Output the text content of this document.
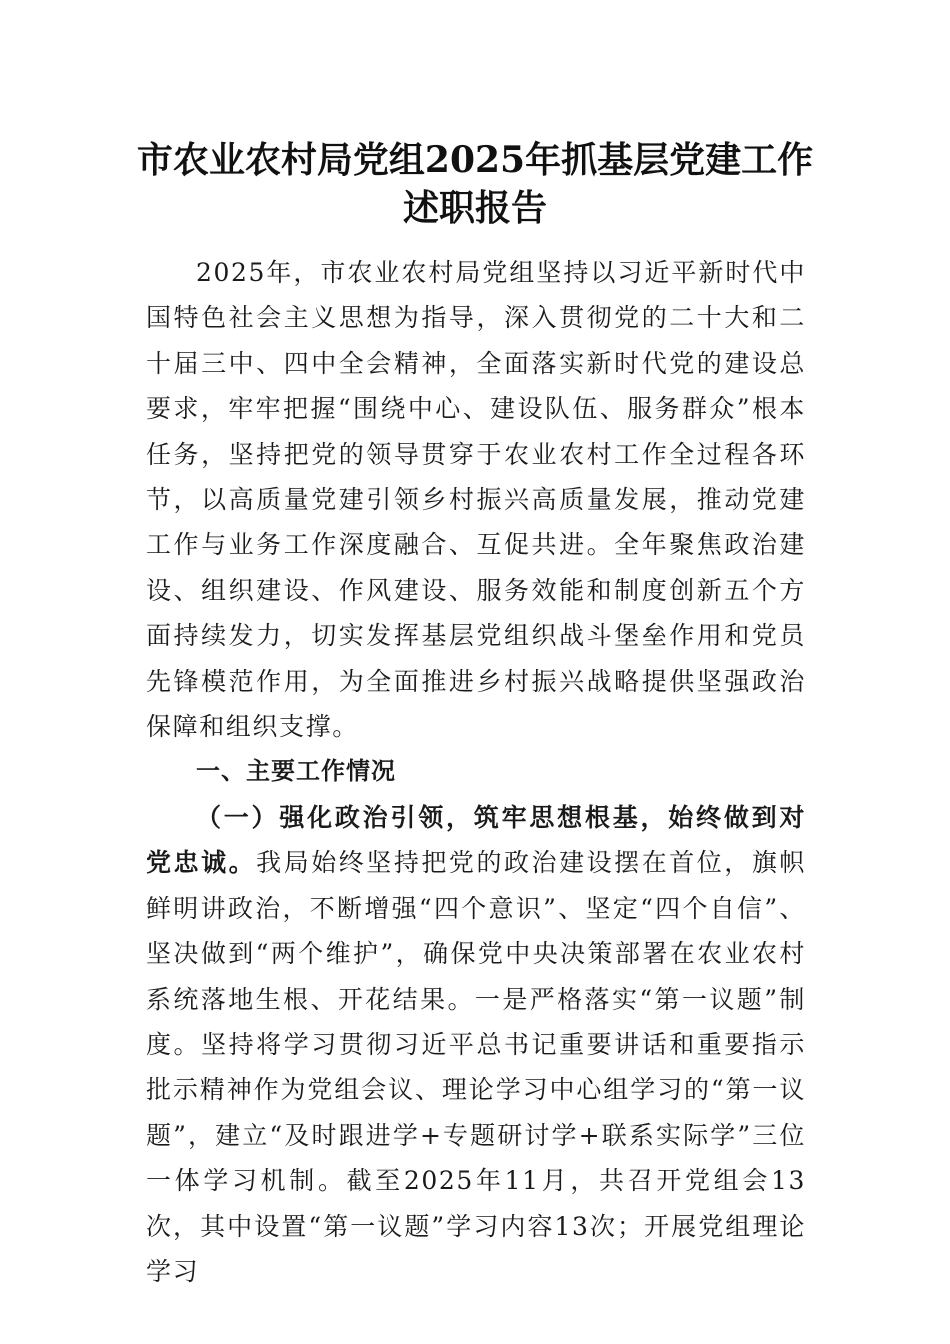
市农业农村局党组2025年抓基层党建工作
述职报告

2025年，市农业农村局党组坚持以习近平新时代中国特色社会主义思想为指导，深入贯彻党的二十大和二十届三中、四中全会精神，全面落实新时代党的建设总要求，牢牢把握“围绕中心、建设队伍、服务群众”根本任务，坚持把党的领导贯穿于农业农村工作全过程各环节，以高质量党建引领乡村振兴高质量发展，推动党建工作与业务工作深度融合、互促共进。全年聚焦政治建设、组织建设、作风建设、服务效能和制度创新五个方面持续发力，切实发挥基层党组织战斗堡垒作用和党员先锋模范作用，为全面推进乡村振兴战略提供坚强政治保障和组织支撑。

一、主要工作情况

（一）强化政治引领，筑牢思想根基，始终做到对党忠诚。我局始终坚持把党的政治建设摆在首位，旗帜鲜明讲政治，不断增强“四个意识”、坚定“四个自信”、坚决做到“两个维护”，确保党中央决策部署在农业农村系统落地生根、开花结果。一是严格落实“第一议题”制度。坚持将学习贯彻习近平总书记重要讲话和重要指示批示精神作为党组会议、理论学习中心组学习的“第一议题”，建立“及时跟进学+专题研讨学+联系实际学”三位一体学习机制。截至2025年11月，共召开党组会13次，其中设置“第一议题”学习内容13次；开展党组理论学习
